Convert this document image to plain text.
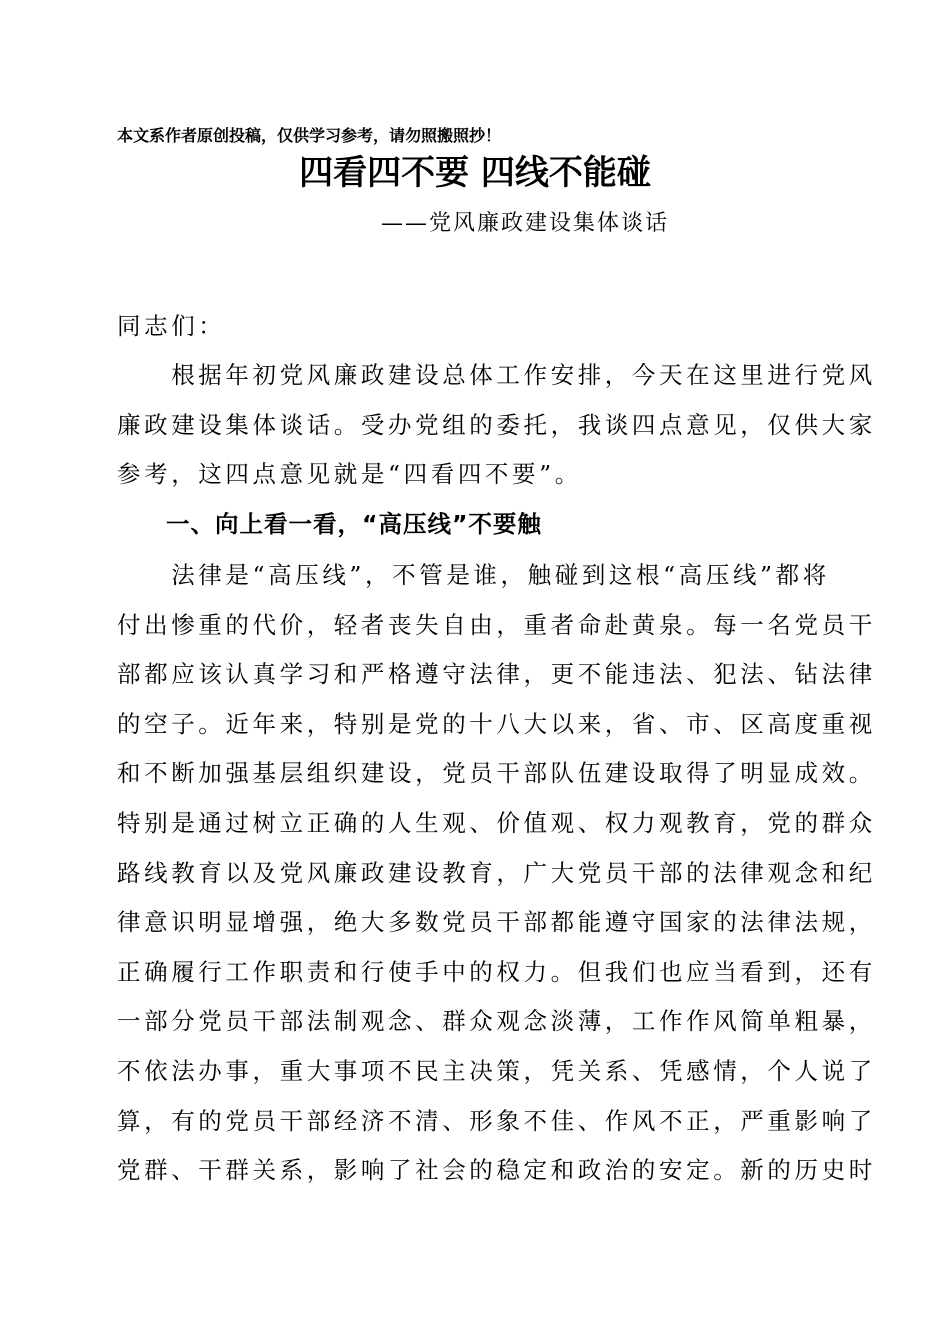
本文系作者原创投稿，仅供学习参考，请勿照搬照抄！
四看四不要 四线不能碰
——党风廉政建设集体谈话
同志们：
　　根据年初党风廉政建设总体工作安排，今天在这里进行党风
廉政建设集体谈话。受办党组的委托，我谈四点意见，仅供大家
参考，这四点意见就是“四看四不要”。
　　一、向上看一看，“高压线”不要触
　　法律是“高压线”，不管是谁，触碰到这根“高压线”都将
付出惨重的代价，轻者丧失自由，重者命赴黄泉。每一名党员干
部都应该认真学习和严格遵守法律，更不能违法、犯法、钻法律
的空子。近年来，特别是党的十八大以来，省、市、区高度重视
和不断加强基层组织建设，党员干部队伍建设取得了明显成效。
特别是通过树立正确的人生观、价值观、权力观教育，党的群众
路线教育以及党风廉政建设教育，广大党员干部的法律观念和纪
律意识明显增强，绝大多数党员干部都能遵守国家的法律法规，
正确履行工作职责和行使手中的权力。但我们也应当看到，还有
一部分党员干部法制观念、群众观念淡薄，工作作风简单粗暴，
不依法办事，重大事项不民主决策，凭关系、凭感情，个人说了
算，有的党员干部经济不清、形象不佳、作风不正，严重影响了
党群、干群关系，影响了社会的稳定和政治的安定。新的历史时
